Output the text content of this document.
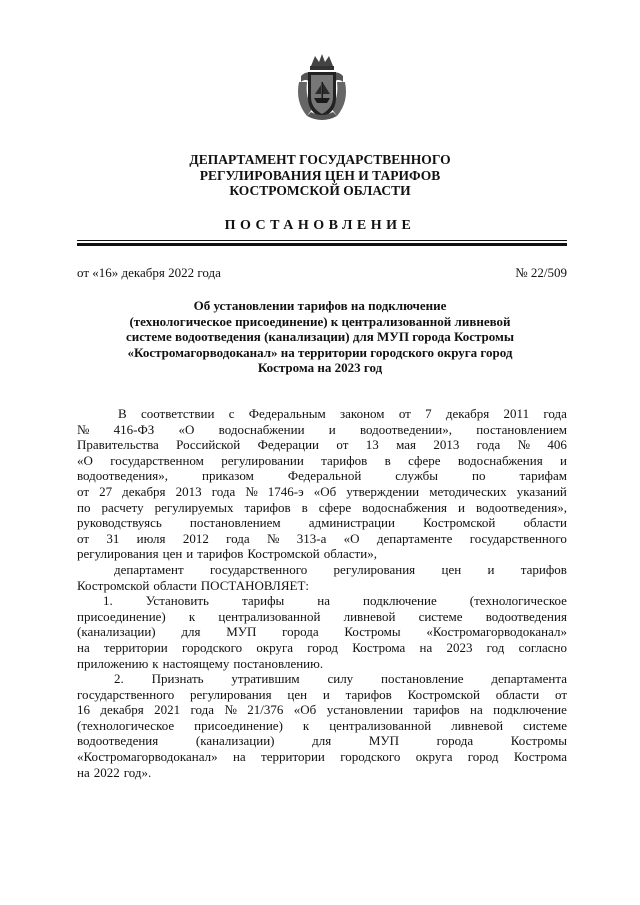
ДЕПАРТАМЕНТ ГОСУДАРСТВЕННОГО
РЕГУЛИРОВАНИЯ ЦЕН И ТАРИФОВ
КОСТРОМСКОЙ ОБЛАСТИ
ПОСТАНОВЛЕНИЕ
от «16» декабря 2022 года	№ 22/509
Об установлении тарифов на подключение
(технологическое присоединение) к централизованной ливневой
системе водоотведения (канализации) для МУП города Костромы
«Костромагорводоканал» на территории городского округа город
Кострома на 2023 год
В соответствии с Федеральным законом от 7 декабря 2011 года
№ 416-ФЗ «О водоснабжении и водоотведении», постановлением
Правительства Российской Федерации от 13 мая 2013 года № 406
«О государственном регулировании тарифов в сфере водоснабжения и
водоотведения»,	приказом	Федеральной	службы	по	тарифам
от 27 декабря 2013 года № 1746-э «Об утверждении методических указаний
по расчету регулируемых тарифов в сфере водоснабжения и водоотведения»,
руководствуясь постановлением администрации Костромской области
от 31 июля 2012 года № 313-а «О департаменте государственного
регулирования цен и тарифов Костромской области»,
департамент государственного регулирования цен и тарифов
Костромской области ПОСТАНОВЛЯЕТ:
1.	Установить	тарифы	на	подключение	(технологическое
присоединение) к централизованной ливневой системе водоотведения
(канализации) для МУП города Костромы «Костромагорводоканал»
на территории городского округа город Кострома на 2023 год согласно
приложению к настоящему постановлению.
2. Признать утратившим силу постановление департамента
государственного регулирования цен и тарифов Костромской области от
16 декабря 2021 года № 21/376 «Об установлении тарифов на подключение
(технологическое присоединение) к централизованной ливневой системе
водоотведения	(канализации)	для	МУП	города	Костромы
«Костромагорводоканал» на территории городского округа город Кострома
на 2022 год».
